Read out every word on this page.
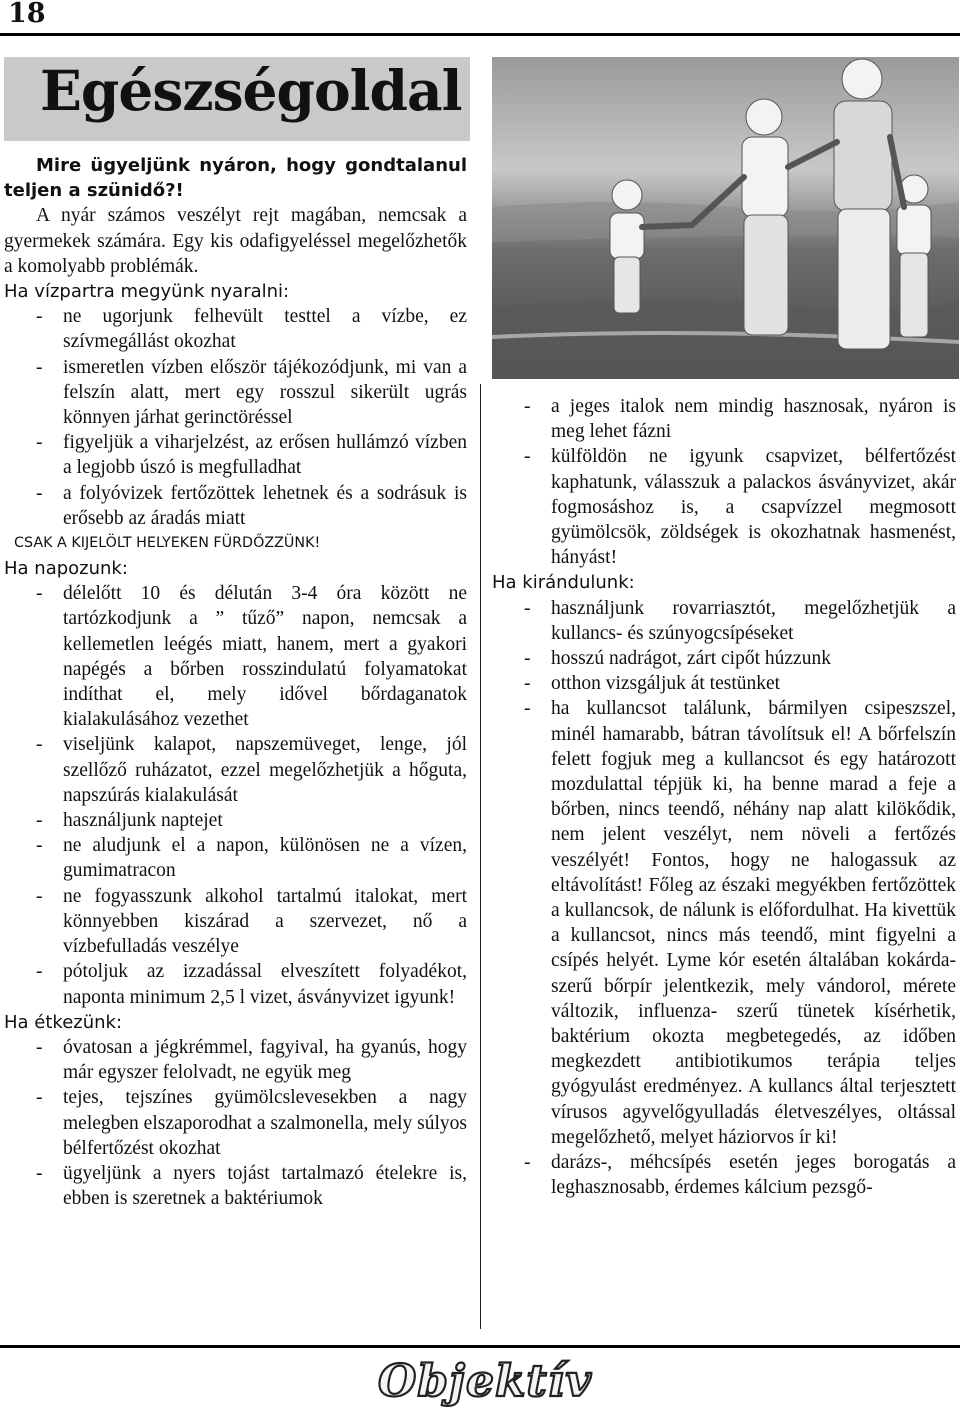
18
Egészségoldal

Mire ügyeljünk nyáron, hogy gondtalanul teljen a szünidő?!

A nyár számos veszélyt rejt magában, nemcsak a gyermekek számára. Egy kis odafigyeléssel megelőzhetők a komolyabb problémák.

Ha vízpartra megyünk nyaralni:

- ne ugorjunk felhevült testtel a vízbe, ez szívmegállást okozhat
- ismeretlen vízben először tájékozódjunk, mi van a felszín alatt, mert egy rosszul sikerült ugrás könnyen járhat gerinctöréssel
- figyeljük a viharjelzést, az erősen hullámzó vízben a legjobb úszó is megfulladhat
- a folyóvizek fertőzöttek lehetnek és a sodrásuk is erősebb az áradás miatt

CSAK A KIJELÖLT HELYEKEN FÜRDŐZZÜNK!

Ha napozunk:

- délelőtt 10 és délután 3-4 óra között ne tartózkodjunk a ” tűző” napon, nemcsak a kellemetlen leégés miatt, hanem, mert a gyakori napégés a bőrben rosszindulatú folyamatokat indíthat el, mely idővel bőrdaganatok kialakulásához vezethet
- viseljünk kalapot, napszemüveget, lenge, jól szellőző ruházatot, ezzel megelőzhetjük a hőguta, napszúrás kialakulását
- használjunk naptejet
- ne aludjunk el a napon, különösen ne a vízen, gumimatracon
- ne fogyasszunk alkohol tartalmú italokat, mert könnyebben kiszárad a szervezet, nő a vízbefulladás veszélye
- pótoljuk az izzadással elveszített folyadékot, naponta minimum 2,5 l vizet, ásványvizet igyunk!

Ha étkezünk:

- óvatosan a jégkrémmel, fagyival, ha gyanús, hogy már egyszer felolvadt, ne együk meg
- tejes, tejszínes gyümölcslevesekben a nagy melegben elszaporodhat a szalmonella, mely súlyos bélfertőzést okozhat
- ügyeljünk a nyers tojást tartalmazó ételekre is, ebben is szeretnek a baktériumok
- a jeges italok nem mindig hasznosak, nyáron is meg lehet fázni
- külföldön ne igyunk csapvizet, bélfertőzést kaphatunk, válasszuk a palackos ásványvizet, akár fogmosáshoz is, a csapvízzel megmosott gyümölcsök, zöldségek is okozhatnak hasmenést, hányást!

Ha kirándulunk:

- használjunk rovarriasztót, megelőzhetjük a kullancs- és szúnyogcsípéseket
- hosszú nadrágot, zárt cipőt húzzunk
- otthon vizsgáljuk át testünket
- ha kullancsot találunk, bármilyen csipeszszel, minél hamarabb, bátran távolítsuk el! A bőrfelszín felett fogjuk meg a kullancsot és egy határozott mozdulattal tépjük ki, ha benne marad a feje a bőrben, nincs teendő, néhány nap alatt kilökődik, nem jelent veszélyt, nem növeli a fertőzés veszélyét! Fontos, hogy ne halogassuk az eltávolítást! Főleg az északi megyékben fertőzöttek a kullancsok, de nálunk is előfordulhat. Ha kivettük a kullancsot, nincs más teendő, mint figyelni a csípés helyét. Lyme kór esetén általában kokárda- szerű bőrpír jelentkezik, mely vándorol, mérete változik, influenza- szerű tünetek kísérhetik, baktérium okozta megbetegedés, az időben megkezdett antibiotikumos terápia teljes gyógyulást eredményez. A kullancs által terjesztett vírusos agyvelőgyulladás életveszélyes, oltással megelőzhető, melyet háziorvos ír ki!
- darázs-, méhcsípés esetén jeges borogatás a leghasznosabb, érdemes kálcium pezsgő-
Objektív
